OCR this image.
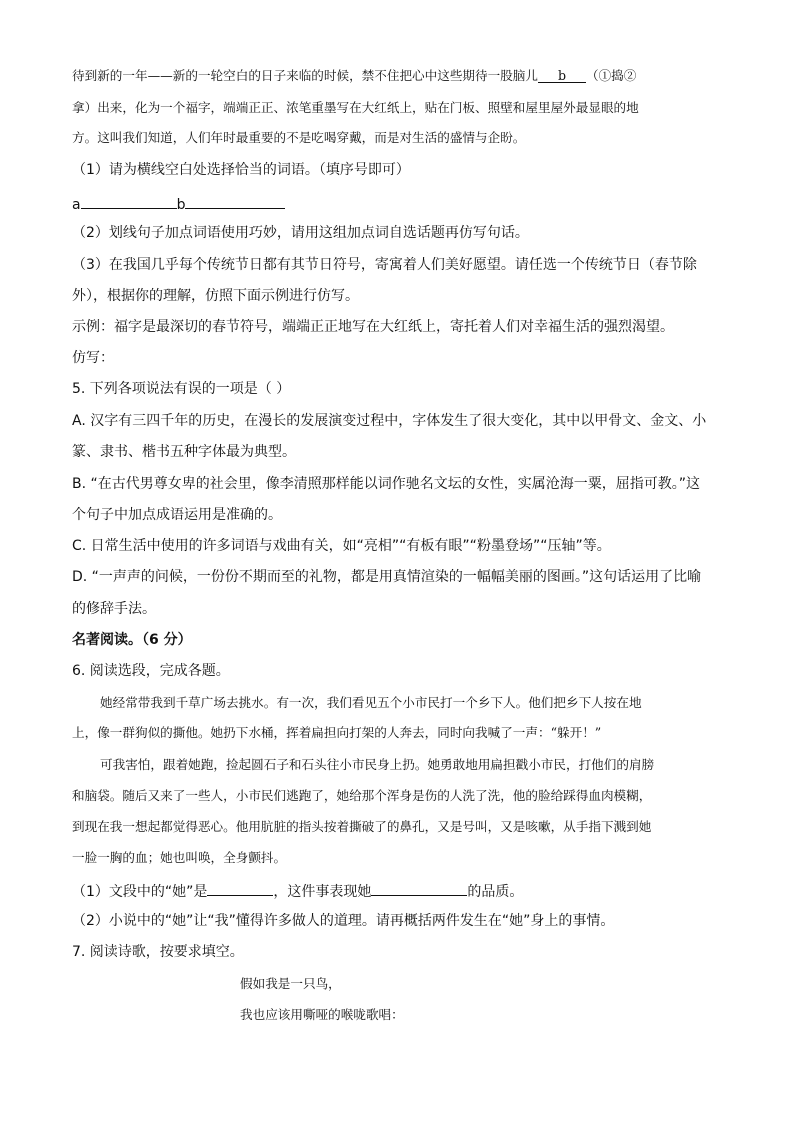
待到新的一年——新的一轮空白的日子来临的时候，禁不住把心中这些期待一股脑儿 b （①捣②
拿）出来，化为一个福字，端端正正、浓笔重墨写在大红纸上，贴在门板、照壁和屋里屋外最显眼的地
方。这叫我们知道，人们年时最重要的不是吃喝穿戴，而是对生活的盛情与企盼。
（1）请为横线空白处选择恰当的词语。（填序号即可）
a	b
（2）划线句子加点词语使用巧妙，请用这组加点词自选话题再仿写句话。
（3）在我国几乎每个传统节日都有其节日符号，寄寓着人们美好愿望。请任选一个传统节日（春节除
外），根据你的理解，仿照下面示例进行仿写。
示例：福字是最深切的春节符号，端端正正地写在大红纸上，寄托着人们对幸福生活的强烈渴望。
仿写：
5. 下列各项说法有误的一项是（ ）
A. 汉字有三四千年的历史，在漫长的发展演变过程中，字体发生了很大变化，其中以甲骨文、金文、小
篆、隶书、楷书五种字体最为典型。
B. “在古代男尊女卑的社会里，像李清照那样能以词作驰名文坛的女性，实属沧海一粟，屈指可教。”这
个句子中加点成语运用是准确的。
C. 日常生活中使用的许多词语与戏曲有关，如“亮相”“有板有眼”“粉墨登场”“压轴”等。
D. “一声声的问候，一份份不期而至的礼物，都是用真情渲染的一幅幅美丽的图画。”这句话运用了比喻
的修辞手法。
名著阅读。（6 分）
6. 阅读选段，完成各题。
她经常带我到千草广场去挑水。有一次，我们看见五个小市民打一个乡下人。他们把乡下人按在地
上，像一群狗似的撕他。她扔下水桶，挥着扁担向打架的人奔去，同时向我喊了一声：“躲开！”
可我害怕，跟着她跑，捡起圆石子和石头往小市民身上扔。她勇敢地用扁担戳小市民，打他们的肩膀
和脑袋。随后又来了一些人，小市民们逃跑了，她给那个浑身是伤的人洗了洗，他的脸给踩得血肉模糊，
到现在我一想起都觉得恶心。他用肮脏的指头按着撕破了的鼻孔，又是号叫，又是咳嗽，从手指下溅到她
一脸一胸的血；她也叫唤，全身颤抖。
（1）文段中的“她”是	，这件事表现她	的品质。
（2）小说中的“她”让“我”懂得许多做人的道理。请再概括两件发生在“她”身上的事情。
7. 阅读诗歌，按要求填空。
假如我是一只鸟，
我也应该用嘶哑的喉咙歌唱：
